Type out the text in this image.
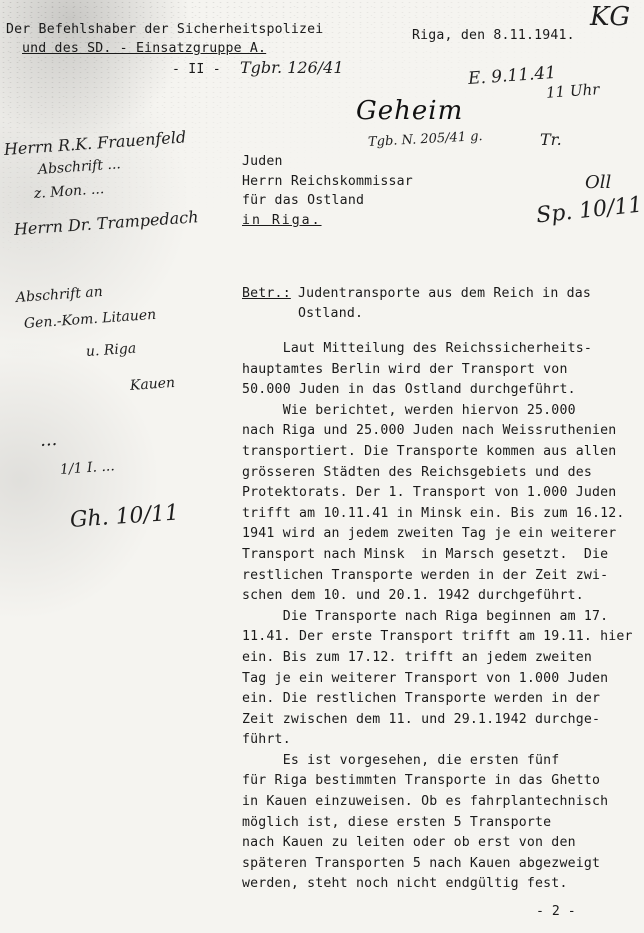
Der Befehlshaber der Sicherheitspolizei
und des SD. - Einsatzgruppe A.
- II - Tgbr. 126/41
Riga, den 8.11.1941.
KG
E. 9.11.41
11 Uhr
Geheim
Tgb. N. 205/41 g.	Tr.
Oll
Sp. 10/11
Herrn R.K. Frauenfeld
Abschrift ...
z. Mon. ...
Herrn Dr. Trampedach
Abschrift an
Gen.-Kom. Litauen
u. Riga
Kauen
...
1/1 I. ...
Gh. 10/11
Juden
Herrn Reichskommissar
für das Ostland
in Riga.
Betr.: Judentransporte aus dem Reich in das
Ostland.
Laut Mitteilung des Reichssicherheits-
hauptamtes Berlin wird der Transport von
50.000 Juden in das Ostland durchgeführt.
Wie berichtet, werden hiervon 25.000
nach Riga und 25.000 Juden nach Weissruthenien
transportiert. Die Transporte kommen aus allen
grösseren Städten des Reichsgebiets und des
Protektorats. Der 1. Transport von 1.000 Juden
trifft am 10.11.41 in Minsk ein. Bis zum 16.12.
1941 wird an jedem zweiten Tag je ein weiterer
Transport nach Minsk  in Marsch gesetzt.  Die
restlichen Transporte werden in der Zeit zwi-
schen dem 10. und 20.1. 1942 durchgeführt.
Die Transporte nach Riga beginnen am 17.
11.41. Der erste Transport trifft am 19.11. hier
ein. Bis zum 17.12. trifft an jedem zweiten
Tag je ein weiterer Transport von 1.000 Juden
ein. Die restlichen Transporte werden in der
Zeit zwischen dem 11. und 29.1.1942 durchge-
führt.
Es ist vorgesehen, die ersten fünf
für Riga bestimmten Transporte in das Ghetto
in Kauen einzuweisen. Ob es fahrplantechnisch
möglich ist, diese ersten 5 Transporte
nach Kauen zu leiten oder ob erst von den
späteren Transporten 5 nach Kauen abgezweigt
werden, steht noch nicht endgültig fest.
- 2 -
